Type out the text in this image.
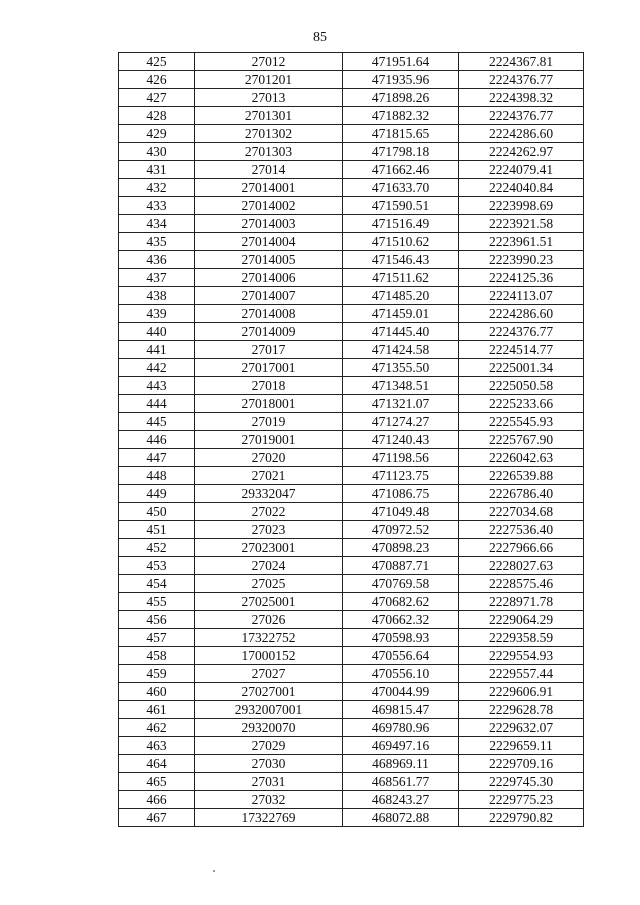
85
425	27012	471951.64	2224367.81
426	2701201	471935.96	2224376.77
427	27013	471898.26	2224398.32
428	2701301	471882.32	2224376.77
429	2701302	471815.65	2224286.60
430	2701303	471798.18	2224262.97
431	27014	471662.46	2224079.41
432	27014001	471633.70	2224040.84
433	27014002	471590.51	2223998.69
434	27014003	471516.49	2223921.58
435	27014004	471510.62	2223961.51
436	27014005	471546.43	2223990.23
437	27014006	471511.62	2224125.36
438	27014007	471485.20	2224113.07
439	27014008	471459.01	2224286.60
440	27014009	471445.40	2224376.77
441	27017	471424.58	2224514.77
442	27017001	471355.50	2225001.34
443	27018	471348.51	2225050.58
444	27018001	471321.07	2225233.66
445	27019	471274.27	2225545.93
446	27019001	471240.43	2225767.90
447	27020	471198.56	2226042.63
448	27021	471123.75	2226539.88
449	29332047	471086.75	2226786.40
450	27022	471049.48	2227034.68
451	27023	470972.52	2227536.40
452	27023001	470898.23	2227966.66
453	27024	470887.71	2228027.63
454	27025	470769.58	2228575.46
455	27025001	470682.62	2228971.78
456	27026	470662.32	2229064.29
457	17322752	470598.93	2229358.59
458	17000152	470556.64	2229554.93
459	27027	470556.10	2229557.44
460	27027001	470044.99	2229606.91
461	2932007001	469815.47	2229628.78
462	29320070	469780.96	2229632.07
463	27029	469497.16	2229659.11
464	27030	468969.11	2229709.16
465	27031	468561.77	2229745.30
466	27032	468243.27	2229775.23
467	17322769	468072.88	2229790.82
